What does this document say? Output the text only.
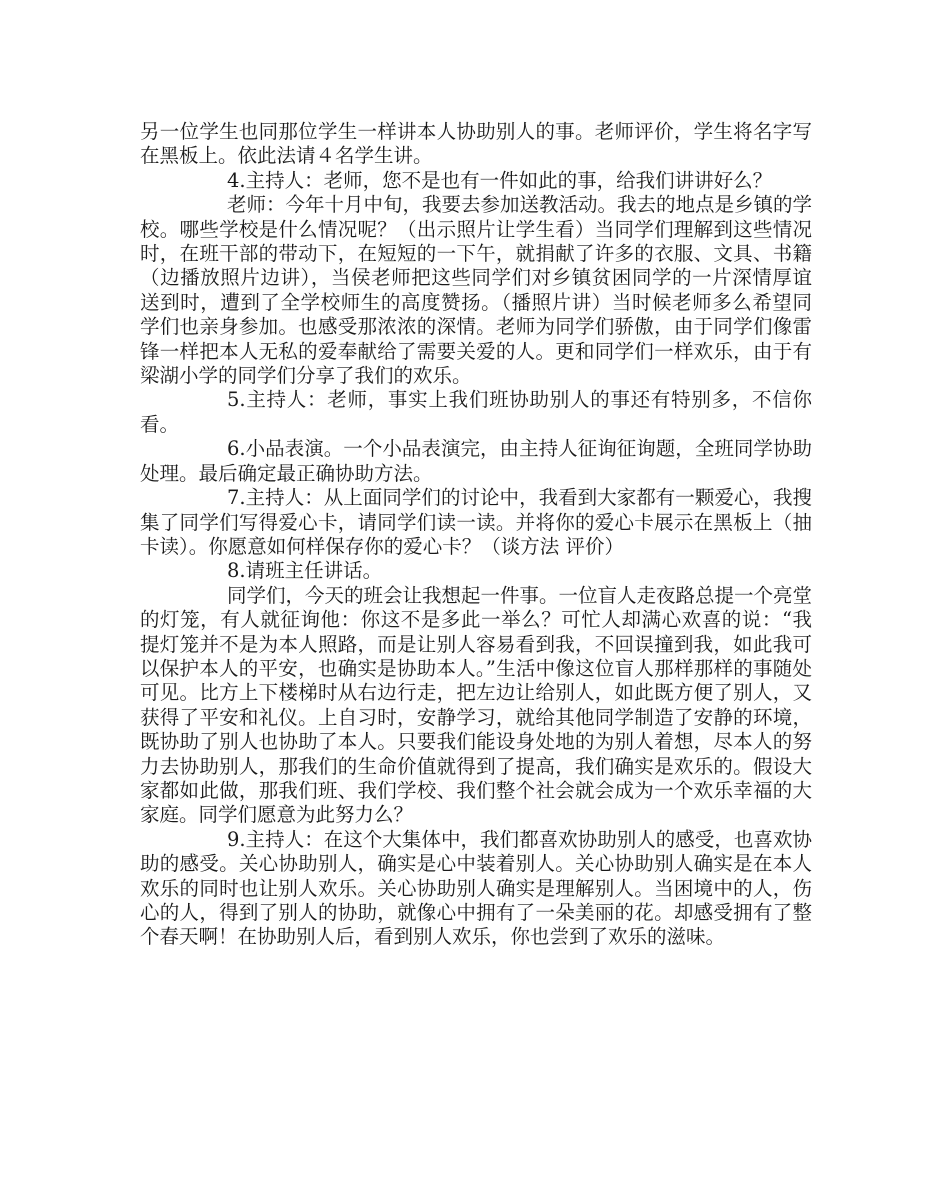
另一位学生也同那位学生一样讲本人协助别人的事。老师评价，学生将名字写在黑板上。依此法请４名学生讲。

4.主持人：老师，您不是也有一件如此的事，给我们讲讲好么？

老师：今年十月中旬，我要去参加送教活动。我去的地点是乡镇的学校。哪些学校是什么情况呢？（出示照片让学生看）当同学们理解到这些情况时，在班干部的带动下，在短短的一下午，就捐献了许多的衣服、文具、书籍（边播放照片边讲），当侯老师把这些同学们对乡镇贫困同学的一片深情厚谊送到时，遭到了全学校师生的高度赞扬。（播照片讲）当时候老师多么希望同学们也亲身参加。也感受那浓浓的深情。老师为同学们骄傲，由于同学们像雷锋一样把本人无私的爱奉献给了需要关爱的人。更和同学们一样欢乐，由于有梁湖小学的同学们分享了我们的欢乐。

5.主持人：老师，事实上我们班协助别人的事还有特别多，不信你看。

6.小品表演。一个小品表演完，由主持人征询征询题，全班同学协助处理。最后确定最正确协助方法。

7.主持人：从上面同学们的讨论中，我看到大家都有一颗爱心，我搜集了同学们写得爱心卡，请同学们读一读。并将你的爱心卡展示在黑板上（抽卡读）。你愿意如何样保存你的爱心卡？（谈方法 评价）

8.请班主任讲话。

同学们，今天的班会让我想起一件事。一位盲人走夜路总提一个亮堂的灯笼，有人就征询他：你这不是多此一举么？可忙人却满心欢喜的说：“我提灯笼并不是为本人照路，而是让别人容易看到我，不回误撞到我，如此我可以保护本人的平安，也确实是协助本人。”生活中像这位盲人那样那样的事随处可见。比方上下楼梯时从右边行走，把左边让给别人，如此既方便了别人，又获得了平安和礼仪。上自习时，安静学习，就给其他同学制造了安静的环境，既协助了别人也协助了本人。只要我们能设身处地的为别人着想，尽本人的努力去协助别人，那我们的生命价值就得到了提高，我们确实是欢乐的。假设大家都如此做，那我们班、我们学校、我们整个社会就会成为一个欢乐幸福的大家庭。同学们愿意为此努力么？

9.主持人：在这个大集体中，我们都喜欢协助别人的感受，也喜欢协助的感受。关心协助别人，确实是心中装着别人。关心协助别人确实是在本人欢乐的同时也让别人欢乐。关心协助别人确实是理解别人。当困境中的人，伤心的人，得到了别人的协助，就像心中拥有了一朵美丽的花。却感受拥有了整个春天啊！在协助别人后，看到别人欢乐，你也尝到了欢乐的滋味。
